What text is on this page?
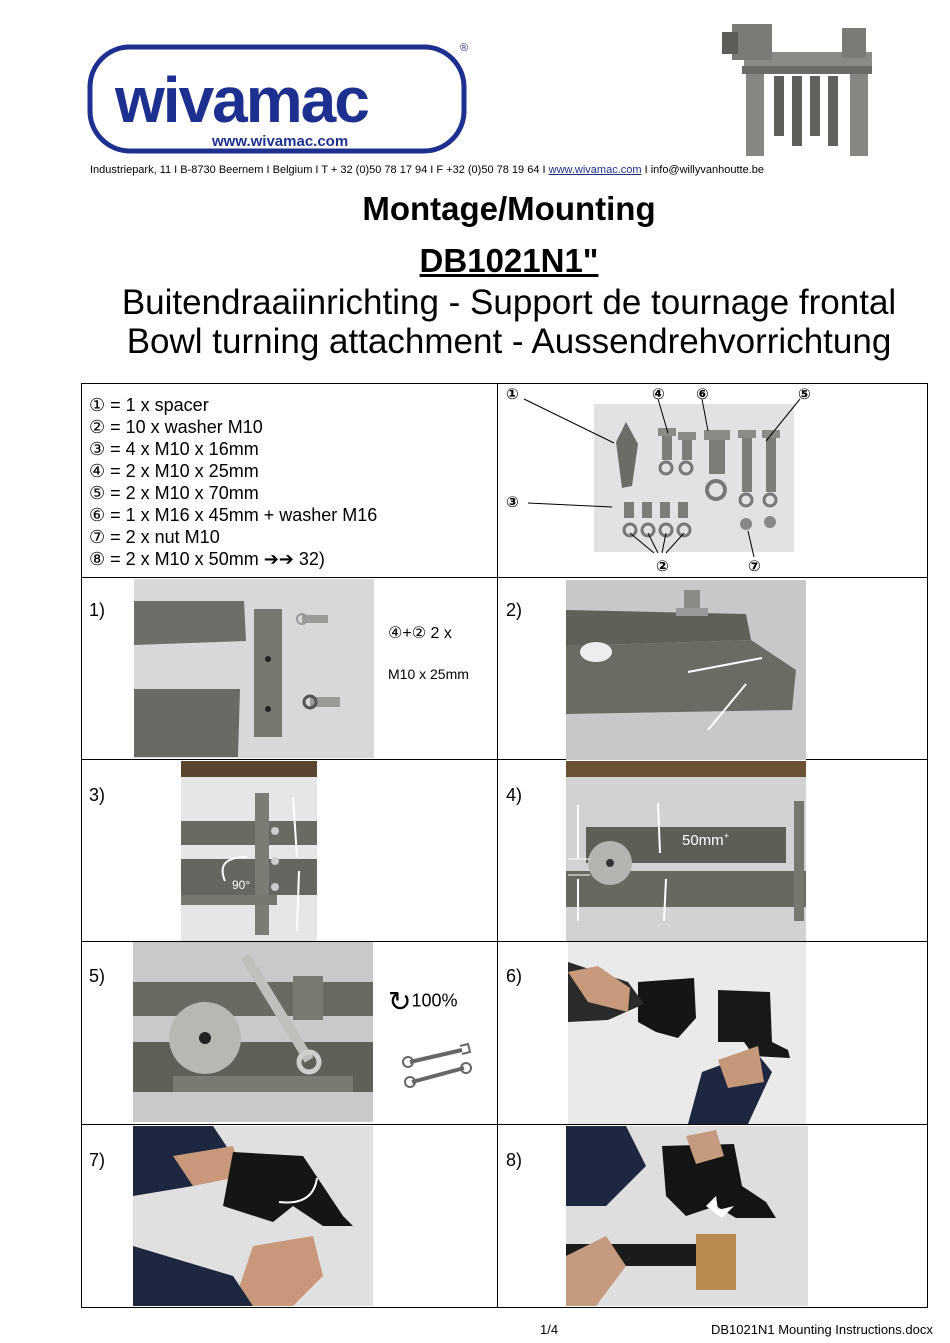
wivamac
www.wivamac.com
®
Industriepark, 11 I B-8730 Beernem I Belgium I T + 32 (0)50 78 17 94 I F +32 (0)50 78 19 64 I www.wivamac.com I info@willyvanhoutte.be
Montage/Mounting
DB1021N1"
Buitendraaiinrichting - Support de tournage frontal
Bowl turning attachment - Aussendrehvorrichtung
① = 1 x spacer
② = 10 x washer M10
③ = 4 x M10 x 16mm
④ = 2 x M10 x 25mm
⑤ = 2 x M10 x 70mm
⑥ = 1 x M16 x 45mm + washer M16
⑦ = 2 x nut M10
⑧ = 2 x M10 x 50mm ➔➔ 32)
①	④ ⑥	⑤
③
②	⑦
1)
④+② 2 x
M10 x 25mm
2)
3)
90°
4)
50mm+
5)
↻100%
6)
7)	8)
1/4	DB1021N1 Mounting Instructions.docx
